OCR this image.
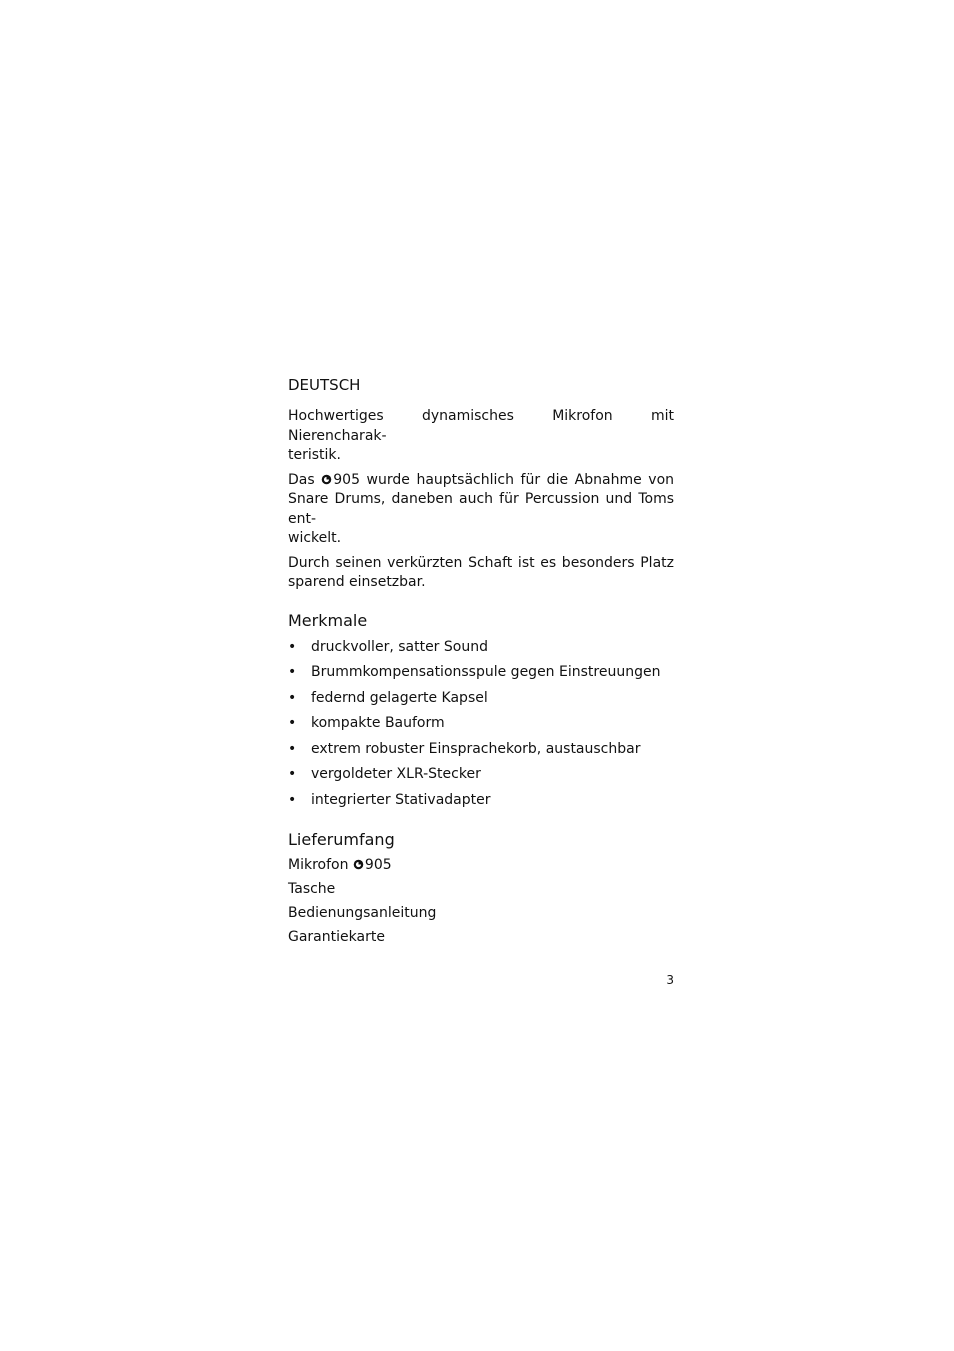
DEUTSCH

Hochwertiges dynamisches Mikrofon mit Nierencharak-
teristik.

Das 905 wurde hauptsächlich für die Abnahme von Snare Drums, daneben auch für Percussion und Toms ent-
wickelt.

Durch seinen verkürzten Schaft ist es besonders Platz sparend einsetzbar.

Merkmale
• druckvoller, satter Sound
• Brummkompensationsspule gegen Einstreuungen
• federnd gelagerte Kapsel
• kompakte Bauform
• extrem robuster Einsprachekorb, austauschbar
• vergoldeter XLR-Stecker
• integrierter Stativadapter
Lieferumfang
Mikrofon 905
Tasche
Bedienungsanleitung
Garantiekarte
3
